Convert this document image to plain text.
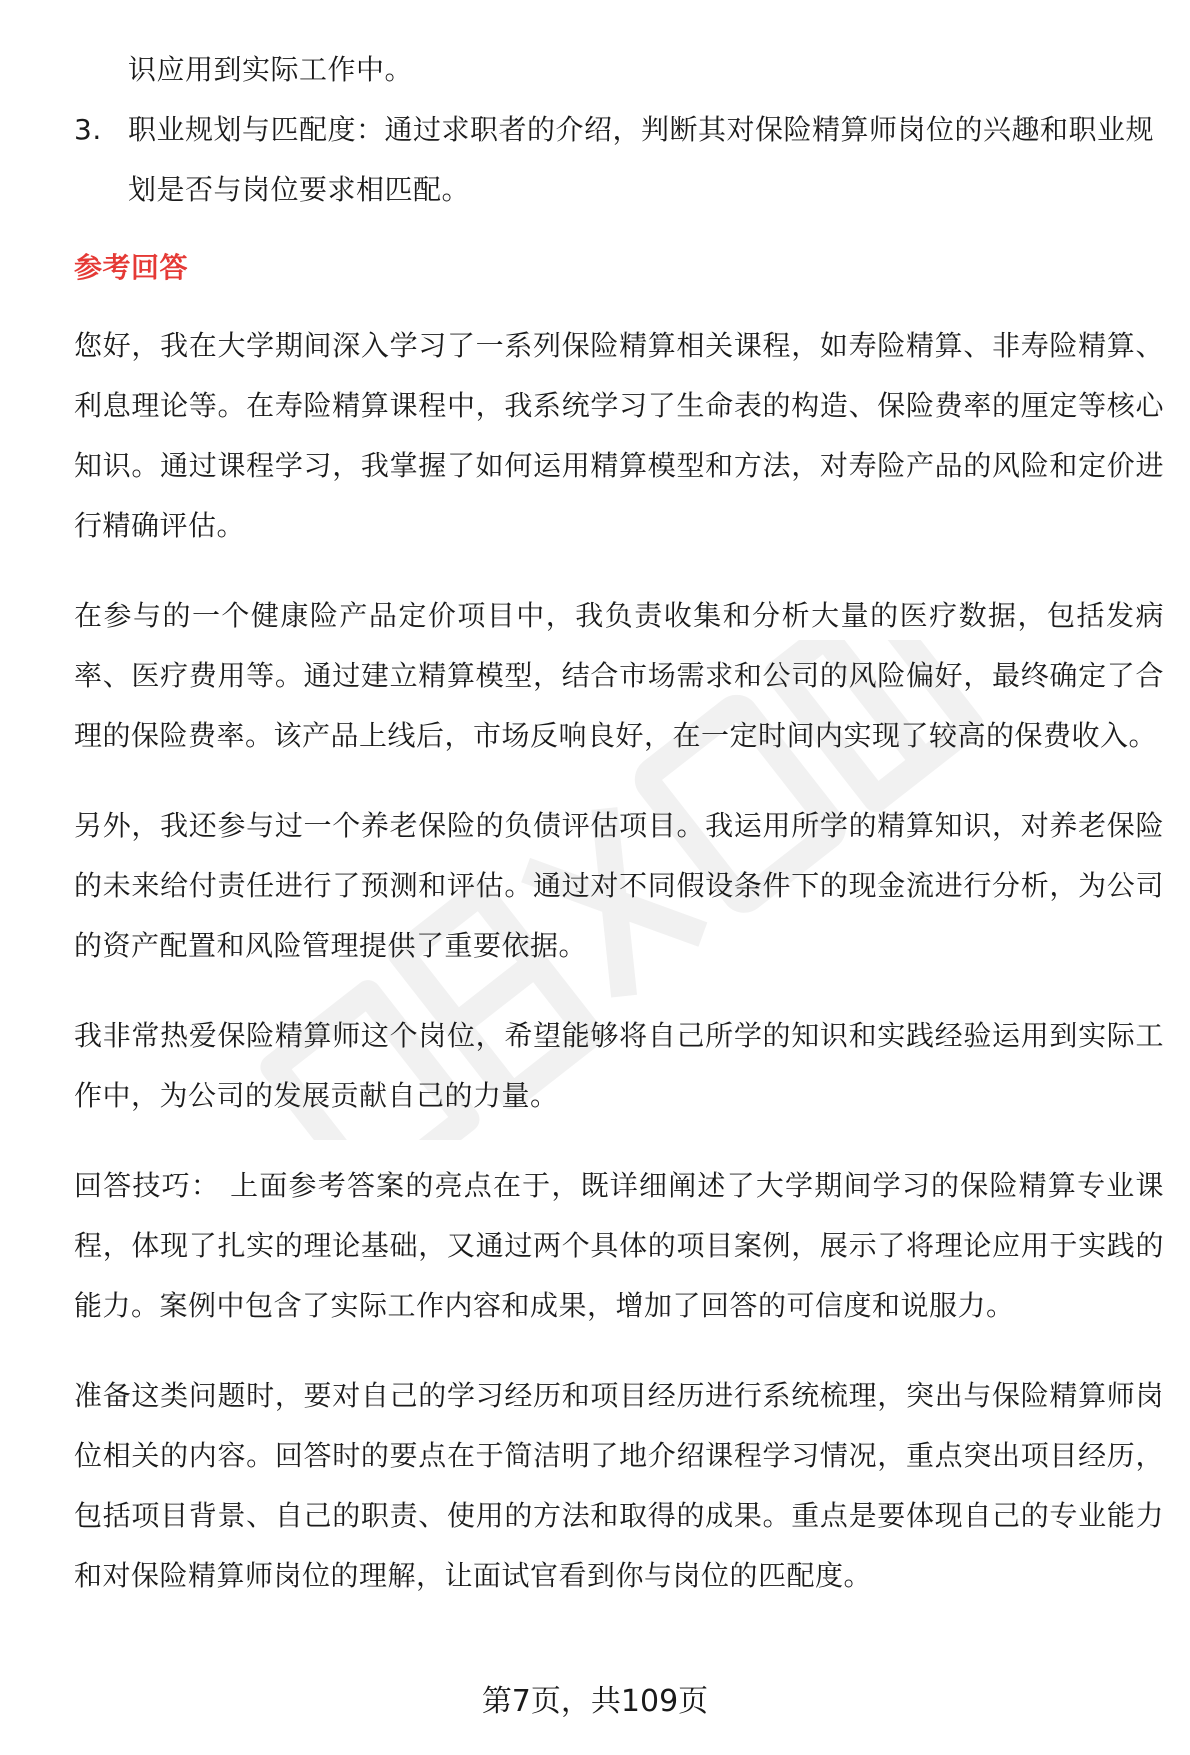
识应用到实际工作中。

3. 职业规划与匹配度：通过求职者的介绍，判断其对保险精算师岗位的兴趣和职业规划是否与岗位要求相匹配。
参考回答

您好，我在大学期间深入学习了一系列保险精算相关课程，如寿险精算、非寿险精算、利息理论等。在寿险精算课程中，我系统学习了生命表的构造、保险费率的厘定等核心知识。通过课程学习，我掌握了如何运用精算模型和方法，对寿险产品的风险和定价进行精确评估。

在参与的一个健康险产品定价项目中，我负责收集和分析大量的医疗数据，包括发病率、医疗费用等。通过建立精算模型，结合市场需求和公司的风险偏好，最终确定了合理的保险费率。该产品上线后，市场反响良好，在一定时间内实现了较高的保费收入。

另外，我还参与过一个养老保险的负债评估项目。我运用所学的精算知识，对养老保险的未来给付责任进行了预测和评估。通过对不同假设条件下的现金流进行分析，为公司的资产配置和风险管理提供了重要依据。

我非常热爱保险精算师这个岗位，希望能够将自己所学的知识和实践经验运用到实际工作中，为公司的发展贡献自己的力量。

回答技巧： 上面参考答案的亮点在于，既详细阐述了大学期间学习的保险精算专业课程，体现了扎实的理论基础，又通过两个具体的项目案例，展示了将理论应用于实践的能力。案例中包含了实际工作内容和成果，增加了回答的可信度和说服力。

准备这类问题时，要对自己的学习经历和项目经历进行系统梳理，突出与保险精算师岗位相关的内容。回答时的要点在于简洁明了地介绍课程学习情况，重点突出项目经历，包括项目背景、自己的职责、使用的方法和取得的成果。重点是要体现自己的专业能力和对保险精算师岗位的理解，让面试官看到你与岗位的匹配度。

第7页，共109页
